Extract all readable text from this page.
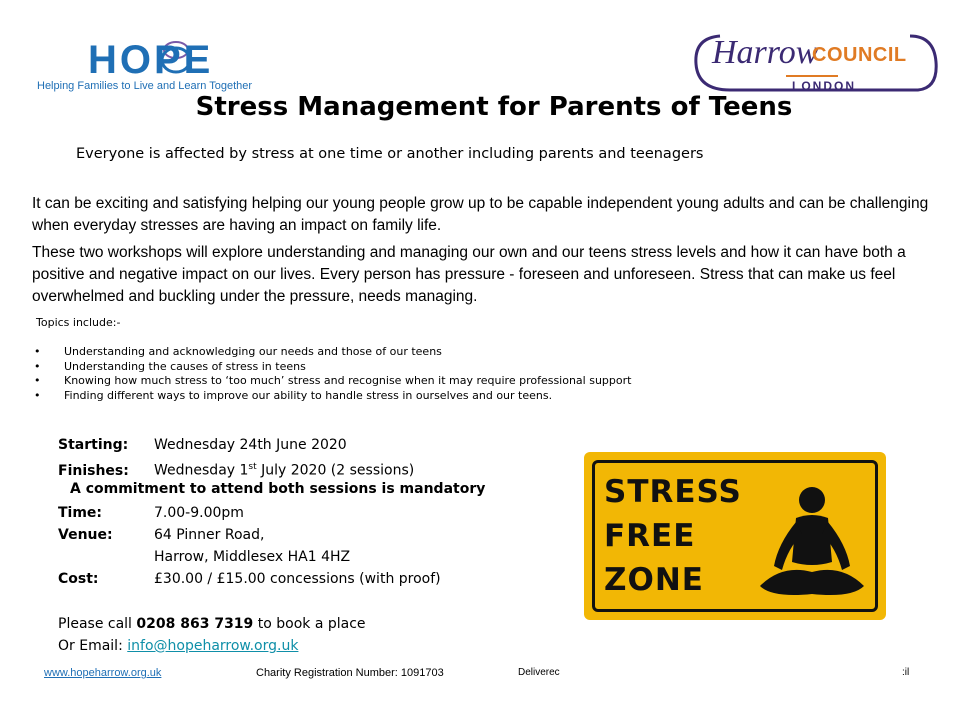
HOPE
Helping Families to Live and Learn Together
Harrow
COUNCIL
LONDON
Stress Management for Parents of Teens
Everyone is affected by stress at one time or another including parents and teenagers

It can be exciting and satisfying helping our young people grow up to be capable independent young adults and can be challenging when everyday stresses are having an impact on family life.

These two workshops will explore understanding and managing our own and our teens stress levels and how it can have both a positive and negative impact on our lives. Every person has pressure - foreseen and unforeseen. Stress that can make us feel overwhelmed and buckling under the pressure, needs managing.

Topics include:-
• Understanding and acknowledging our needs and those of our teens
• Understanding the causes of stress in teens
• Knowing how much stress to ‘too much’ stress and recognise when it may require professional support
• Finding different ways to improve our ability to handle stress in ourselves and our teens.
Starting: Wednesday 24th June 2020
Finishes: Wednesday 1st July 2020 (2 sessions)
A commitment to attend both sessions is mandatory
Time:	7.00-9.00pm
Venue:	64 Pinner Road,
Harrow, Middlesex HA1 4HZ
Cost:	£30.00 / £15.00 concessions (with proof)
Please call 0208 863 7319 to book a place
Or Email: info@hopeharrow.org.uk
STRESS
FREE
ZONE
www.hopeharrow.org.uk	Charity Registration Number: 1091703	Deliverec	:il
